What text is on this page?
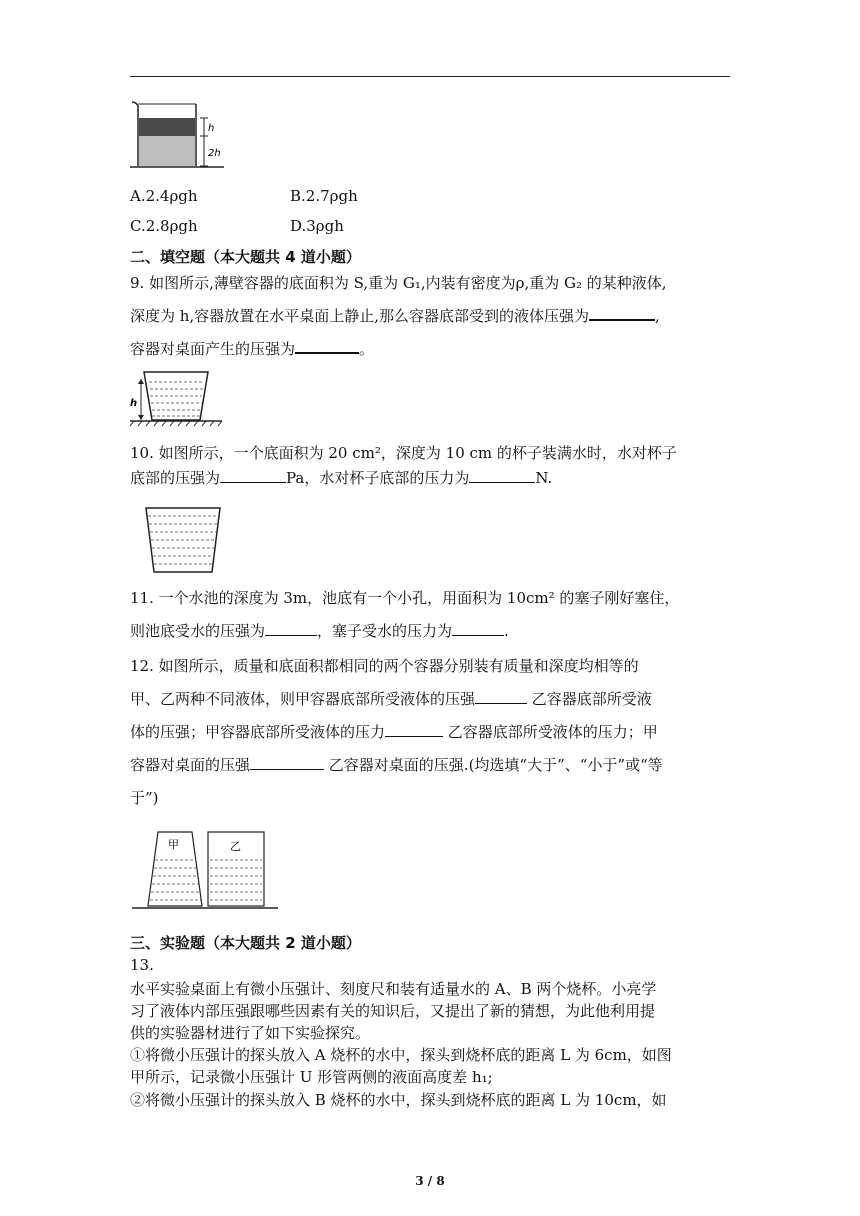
h
2h
A.2.4ρgh	B.2.7ρgh
C.2.8ρgh	D.3ρgh
二、填空题（本大题共 4 道小题）
9. 如图所示,薄壁容器的底面积为 S,重为 G₁,内装有密度为ρ,重为 G₂ 的某种液体,
深度为 h,容器放置在水平桌面上静止,那么容器底部受到的液体压强为	,
容器对桌面产生的压强为	。
h
10. 如图所示，一个底面积为 20 cm²，深度为 10 cm 的杯子装满水时，水对杯子
底部的压强为	Pa，水对杯子底部的压力为	N.
11. 一个水池的深度为 3m，池底有一个小孔，用面积为 10cm² 的塞子刚好塞住，
则池底受水的压强为	，塞子受水的压力为	.
12. 如图所示，质量和底面积都相同的两个容器分别装有质量和深度均相等的
甲、乙两种不同液体，则甲容器底部所受液体的压强	乙容器底部所受液
体的压强；甲容器底部所受液体的压力	乙容器底部所受液体的压力；甲
容器对桌面的压强	乙容器对桌面的压强.(均选填“大于”、“小于”或“等
于”)
甲	乙
三、实验题（本大题共 2 道小题）
13.
水平实验桌面上有微小压强计、刻度尺和装有适量水的 A、B 两个烧杯。小亮学
习了液体内部压强跟哪些因素有关的知识后，又提出了新的猜想，为此他利用提
供的实验器材进行了如下实验探究。
①将微小压强计的探头放入 A 烧杯的水中，探头到烧杯底的距离 L 为 6cm，如图
甲所示，记录微小压强计 U 形管两侧的液面高度差 h₁;
②将微小压强计的探头放入 B 烧杯的水中，探头到烧杯底的距离 L 为 10cm，如
3 / 8
